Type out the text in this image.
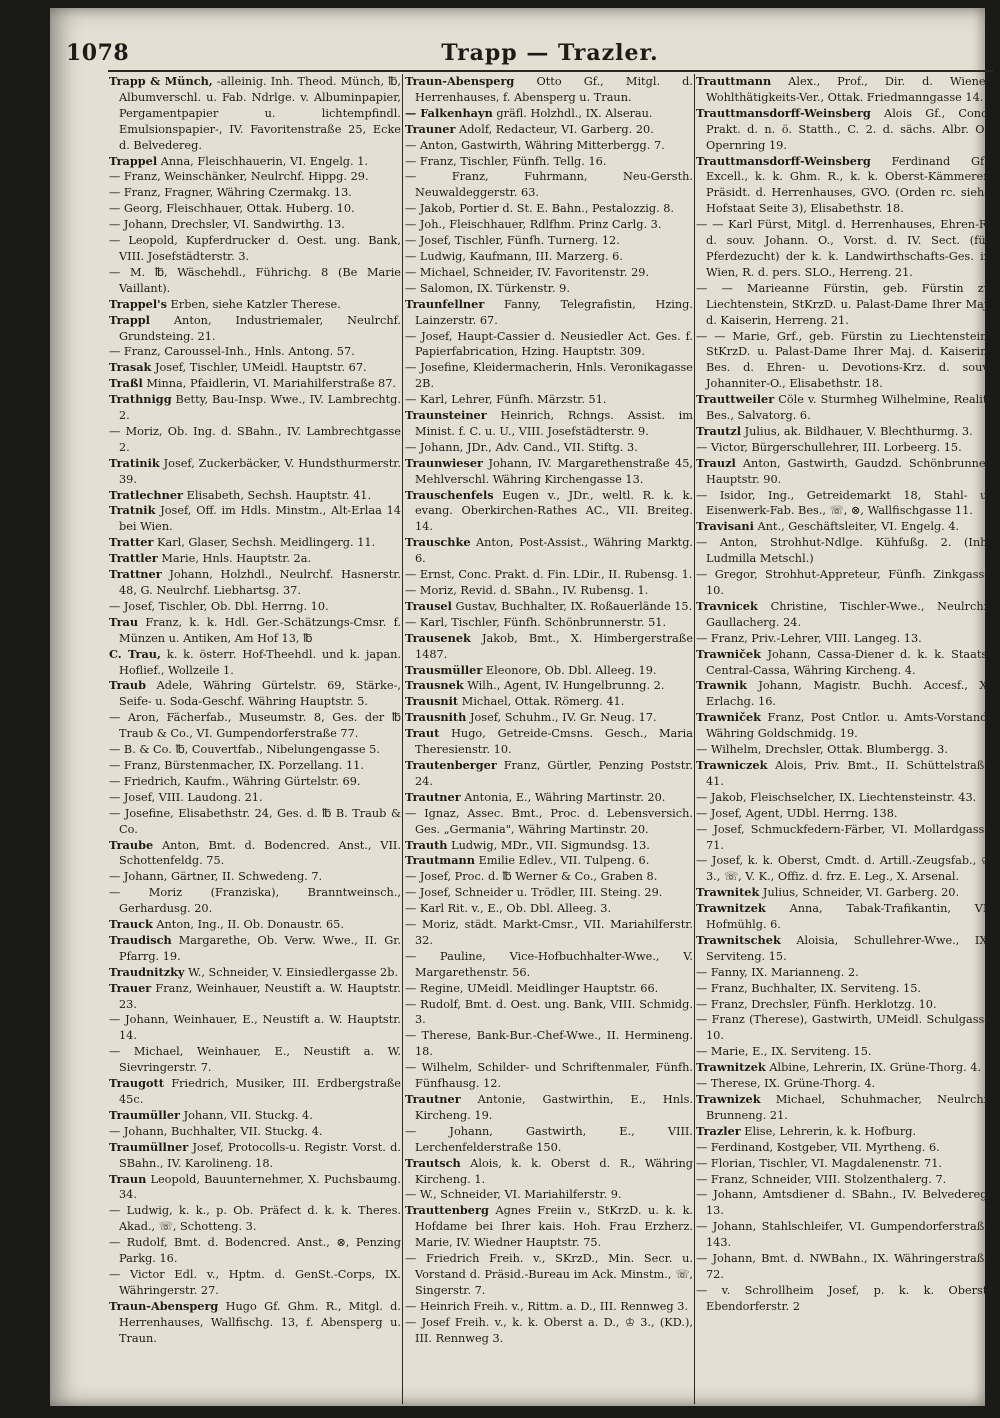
1078	Trapp — Trazler.

Trapp & Münch, -alleinig. Inh. Theod. Münch, ℔, Albumverschl. u. Fab. Ndrlge. v. Albuminpapier, Pergamentpapier u. lichtempfindl. Emulsionspapier-, IV. Favoritenstraße 25, Ecke d. Belvedereg.

Trappel Anna, Fleischhauerin, VI. Engelg. 1.

— Franz, Weinschänker, Neulrchf. Hippg. 29.

— Franz, Fragner, Währing Czermakg. 13.

— Georg, Fleischhauer, Ottak. Huberg. 10.

— Johann, Drechsler, VI. Sandwirthg. 13.

— Leopold, Kupferdrucker d. Oest. ung. Bank, VIII. Josefstädterstr. 3.

— M. ℔, Wäschehdl., Führichg. 8 (Be Marie Vaillant).

Trappel's Erben, siehe Katzler Therese.

Trappl Anton, Industriemaler, Neulrchf. Grundsteing. 21.

— Franz, Caroussel-Inh., Hnls. Antong. 57.

Trasak Josef, Tischler, UMeidl. Hauptstr. 67.

Traßl Minna, Pfaidlerin, VI. Mariahilferstraße 87.

Trathnigg Betty, Bau-Insp. Wwe., IV. Lambrechtg. 2.

— Moriz, Ob. Ing. d. SBahn., IV. Lambrechtgasse 2.

Tratinik Josef, Zuckerbäcker, V. Hundsthurmerstr. 39.

Tratlechner Elisabeth, Sechsh. Hauptstr. 41.

Tratnik Josef, Off. im Hdls. Minstm., Alt-Erlaa 14 bei Wien.

Tratter Karl, Glaser, Sechsh. Meidlingerg. 11.

Trattler Marie, Hnls. Hauptstr. 2a.

Trattner Johann, Holzhdl., Neulrchf. Hasnerstr. 48, G. Neulrchf. Liebhartsg. 37.

— Josef, Tischler, Ob. Dbl. Herrng. 10.

Trau Franz, k. k. Hdl. Ger.-Schätzungs-Cmsr. f. Münzen u. Antiken, Am Hof 13, ℔

C. Trau, k. k. österr. Hof-Theehdl. und k. japan. Hoflief., Wollzeile 1.

Traub Adele, Währing Gürtelstr. 69, Stärke-, Seife- u. Soda-Geschf. Währing Hauptstr. 5.

— Aron, Fächerfab., Museumstr. 8, Ges. der ℔ Traub & Co., VI. Gumpendorferstraße 77.

— B. & Co. ℔, Couvertfab., Nibelungengasse 5.

— Franz, Bürstenmacher, IX. Porzellang. 11.

— Friedrich, Kaufm., Währing Gürtelstr. 69.

— Josef, VIII. Laudong. 21.

— Josefine, Elisabethstr. 24, Ges. d. ℔ B. Traub & Co.

Traube Anton, Bmt. d. Bodencred. Anst., VII. Schottenfeldg. 75.

— Johann, Gärtner, II. Schwedeng. 7.

— Moriz (Franziska), Branntweinsch., Gerhardusg. 20.

Trauck Anton, Ing., II. Ob. Donaustr. 65.

Traudisch Margarethe, Ob. Verw. Wwe., II. Gr. Pfarrg. 19.

Traudnitzky W., Schneider, V. Einsiedlergasse 2b.

Trauer Franz, Weinhauer, Neustift a. W. Hauptstr. 23.

— Johann, Weinhauer, E., Neustift a. W. Hauptstr. 14.

— Michael, Weinhauer, E., Neustift a. W. Sievringerstr. 7.

Traugott Friedrich, Musiker, III. Erdbergstraße 45c.

Traumüller Johann, VII. Stuckg. 4.

— Johann, Buchhalter, VII. Stuckg. 4.

Traumüllner Josef, Protocolls-u. Registr. Vorst. d. SBahn., IV. Karolineng. 18.

Traun Leopold, Bauunternehmer, X. Puchsbaumg. 34.

— Ludwig, k. k., p. Ob. Präfect d. k. k. Theres. Akad., ☏, Schotteng. 3.

— Rudolf, Bmt. d. Bodencred. Anst., ⊗, Penzing Parkg. 16.

— Victor Edl. v., Hptm. d. GenSt.-Corps, IX. Währingerstr. 27.

Traun-Abensperg Hugo Gf. Ghm. R., Mitgl. d. Herrenhauses, Wallfischg. 13, f. Abensperg u. Traun.

Traun-Abensperg Otto Gf., Mitgl. d. Herrenhauses, f. Abensperg u. Traun.

— Falkenhayn gräfl. Holzhdl., IX. Alserau.

Trauner Adolf, Redacteur, VI. Garberg. 20.

— Anton, Gastwirth, Währing Mitterbergg. 7.

— Franz, Tischler, Fünfh. Tellg. 16.

— Franz, Fuhrmann, Neu-Gersth. Neuwaldeggerstr. 63.

— Jakob, Portier d. St. E. Bahn., Pestalozzig. 8.

— Joh., Fleischhauer, Rdlfhm. Prinz Carlg. 3.

— Josef, Tischler, Fünfh. Turnerg. 12.

— Ludwig, Kaufmann, III. Marzerg. 6.

— Michael, Schneider, IV. Favoritenstr. 29.

— Salomon, IX. Türkenstr. 9.

Traunfellner Fanny, Telegrafistin, Hzing. Lainzerstr. 67.

— Josef, Haupt-Cassier d. Neusiedler Act. Ges. f. Papierfabrication, Hzing. Hauptstr. 309.

— Josefine, Kleidermacherin, Hnls. Veronikagasse 2B.

— Karl, Lehrer, Fünfh. Märzstr. 51.

Traunsteiner Heinrich, Rchngs. Assist. im Minist. f. C. u. U., VIII. Josefstädterstr. 9.

— Johann, JDr., Adv. Cand., VII. Stiftg. 3.

Traunwieser Johann, IV. Margarethenstraße 45, Mehlverschl. Währing Kirchengasse 13.

Trauschenfels Eugen v., JDr., weltl. R. k. k. evang. Oberkirchen-Rathes AC., VII. Breiteg. 14.

Trauschke Anton, Post-Assist., Währing Marktg. 6.

— Ernst, Conc. Prakt. d. Fin. LDir., II. Rubensg. 1.

— Moriz, Revid. d. SBahn., IV. Rubensg. 1.

Trausel Gustav, Buchhalter, IX. Roßauerlände 15.

— Karl, Tischler, Fünfh. Schönbrunnerstr. 51.

Trausenek Jakob, Bmt., X. Himbergerstraße 1487.

Trausmüller Eleonore, Ob. Dbl. Alleeg. 19.

Trausnek Wilh., Agent, IV. Hungelbrunng. 2.

Trausnit Michael, Ottak. Römerg. 41.

Trausnith Josef, Schuhm., IV. Gr. Neug. 17.

Traut Hugo, Getreide-Cmsns. Gesch., Maria Theresienstr. 10.

Trautenberger Franz, Gürtler, Penzing Poststr. 24.

Trautner Antonia, E., Währing Martinstr. 20.

— Ignaz, Assec. Bmt., Proc. d. Lebensversich. Ges. „Germania", Währing Martinstr. 20.

Trauth Ludwig, MDr., VII. Sigmundsg. 13.

Trautmann Emilie Edlev., VII. Tulpeng. 6.

— Josef, Proc. d. ℔ Werner & Co., Graben 8.

— Josef, Schneider u. Trödler, III. Steing. 29.

— Karl Rit. v., E., Ob. Dbl. Alleeg. 3.

— Moriz, städt. Markt-Cmsr., VII. Mariahilferstr. 32.

— Pauline, Vice-Hofbuchhalter-Wwe., V. Margarethenstr. 56.

— Regine, UMeidl. Meidlinger Hauptstr. 66.

— Rudolf, Bmt. d. Oest. ung. Bank, VIII. Schmidg. 3.

— Therese, Bank-Bur.-Chef-Wwe., II. Hermineng. 18.

— Wilhelm, Schilder- und Schriftenmaler, Fünfh. Fünfhausg. 12.

Trautner Antonie, Gastwirthin, E., Hnls. Kircheng. 19.

— Johann, Gastwirth, E., VIII. Lerchenfelderstraße 150.

Trautsch Alois, k. k. Oberst d. R., Währing Kircheng. 1.

— W., Schneider, VI. Mariahilferstr. 9.

Trauttenberg Agnes Freiin v., StKrzD. u. k. k. Hofdame bei Ihrer kais. Hoh. Frau Erzherz. Marie, IV. Wiedner Hauptstr. 75.

— Friedrich Freih. v., SKrzD., Min. Secr. u. Vorstand d. Präsid.-Bureau im Ack. Minstm., ☏, Singerstr. 7.

— Heinrich Freih. v., Rittm. a. D., III. Rennweg 3.

— Josef Freih. v., k. k. Oberst a. D., ♔ 3., (KD.), III. Rennweg 3.

Trauttmann Alex., Prof., Dir. d. Wiener Wohlthätigkeits-Ver., Ottak. Friedmanngasse 14.

Trauttmansdorff-Weinsberg Alois Gf., Conc. Prakt. d. n. ö. Statth., C. 2. d. sächs. Albr. O., Opernring 19.

Trauttmansdorff-Weinsberg Ferdinand Gf., Excell., k. k. Ghm. R., k. k. Oberst-Kämmerer, Präsidt. d. Herrenhauses, GVO. (Orden rc. siehe Hofstaat Seite 3), Elisabethstr. 18.

— — Karl Fürst, Mitgl. d. Herrenhauses, Ehren-R. d. souv. Johann. O., Vorst. d. IV. Sect. (für Pferdezucht) der k. k. Landwirthschafts-Ges. in Wien, R. d. pers. SLO., Herreng. 21.

— — Marieanne Fürstin, geb. Fürstin zu Liechtenstein, StKrzD. u. Palast-Dame Ihrer Maj. d. Kaiserin, Herreng. 21.

— — Marie, Grf., geb. Fürstin zu Liechtenstein, StKrzD. u. Palast-Dame Ihrer Maj. d. Kaiserin, Bes. d. Ehren- u. Devotions-Krz. d. souv. Johanniter-O., Elisabethstr. 18.

Trauttweiler Cöle v. Sturmheg Wilhelmine, Realit. Bes., Salvatorg. 6.

Trautzl Julius, ak. Bildhauer, V. Blechthurmg. 3.

— Victor, Bürgerschullehrer, III. Lorbeerg. 15.

Trauzl Anton, Gastwirth, Gaudzd. Schönbrunner Hauptstr. 90.

— Isidor, Ing., Getreidemarkt 18, Stahl- u. Eisenwerk-Fab. Bes., ☏, ⊗, Wallfischgasse 11.

Travisani Ant., Geschäftsleiter, VI. Engelg. 4.

— Anton, Strohhut-Ndlge. Kühfußg. 2. (Inh. Ludmilla Metschl.)

— Gregor, Strohhut-Appreteur, Fünfh. Zinkgasse 10.

Travnicek Christine, Tischler-Wwe., Neulrchf. Gaullacherg. 24.

— Franz, Priv.-Lehrer, VIII. Langeg. 13.

Trawniček Johann, Cassa-Diener d. k. k. Staats-Central-Cassa, Währing Kircheng. 4.

Trawnik Johann, Magistr. Buchh. Accesf., X. Erlachg. 16.

Trawniček Franz, Post Cntlor. u. Amts-Vorstand, Währing Goldschmidg. 19.

— Wilhelm, Drechsler, Ottak. Blumbergg. 3.

Trawniczek Alois, Priv. Bmt., II. Schüttelstraße 41.

— Jakob, Fleischselcher, IX. Liechtensteinstr. 43.

— Josef, Agent, UDbl. Herrng. 138.

— Josef, Schmuckfedern-Färber, VI. Mollardgasse 71.

— Josef, k. k. Oberst, Cmdt. d. Artill.-Zeugsfab., ♔ 3., ☏, V. K., Offiz. d. frz. E. Leg., X. Arsenal.

Trawnitek Julius, Schneider, VI. Garberg. 20.

Trawnitzek Anna, Tabak-Trafikantin, VI. Hofmühlg. 6.

Trawnitschek Aloisia, Schullehrer-Wwe., IX. Serviteng. 15.

— Fanny, IX. Marianneng. 2.

— Franz, Buchhalter, IX. Serviteng. 15.

— Franz, Drechsler, Fünfh. Herklotzg. 10.

— Franz (Therese), Gastwirth, UMeidl. Schulgasse 10.

— Marie, E., IX. Serviteng. 15.

Trawnitzek Albine, Lehrerin, IX. Grüne-Thorg. 4.

— Therese, IX. Grüne-Thorg. 4.

Trawnizek Michael, Schuhmacher, Neulrchf. Brunneng. 21.

Trazler Elise, Lehrerin, k. k. Hofburg.

— Ferdinand, Kostgeber, VII. Myrtheng. 6.

— Florian, Tischler, VI. Magdalenenstr. 71.

— Franz, Schneider, VIII. Stolzenthalerg. 7.

— Johann, Amtsdiener d. SBahn., IV. Belvedereg. 13.

— Johann, Stahlschleifer, VI. Gumpendorferstraße 143.

— Johann, Bmt. d. NWBahn., IX. Währingerstraße 72.

— v. Schrollheim Josef, p. k. k. Oberst, Ebendorferstr. 2
